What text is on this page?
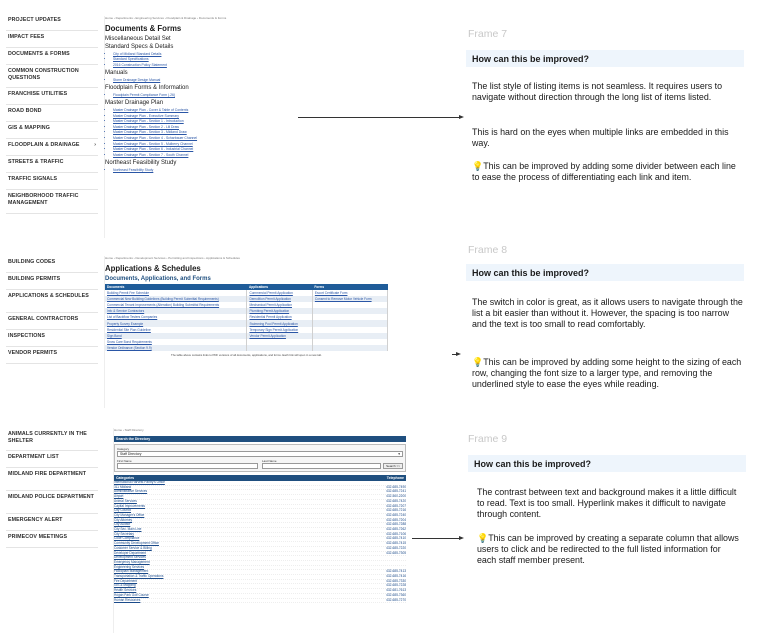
PROJECT UPDATES
IMPACT FEES
DOCUMENTS & FORMS
COMMON CONSTRUCTION QUESTIONS
FRANCHISE UTILITIES
ROAD BOND
GIS & MAPPING
FLOODPLAIN & DRAINAGE	›
STREETS & TRAFFIC
TRAFFIC SIGNALS
NEIGHBORHOOD TRAFFIC MANAGEMENT
Home › Departments › Engineering Services › Floodplain & Drainage › Documents & Forms
Documents & Forms
Miscellaneous Detail Set
Standard Specs & Details
• City of Midland Standard Details
• Standard Specifications
• 2016 Construction Policy Statement
Manuals
• Storm Drainage Design Manual
Floodplain Forms & Information
• Floodplain Permit Compliance Form (.26)
Master Drainage Plan
• Master Drainage Plan - Cover & Table of Contents
• Master Drainage Plan - Executive Summary
• Master Drainage Plan - Section 1 - Introduction
• Master Drainage Plan - Section 2 - Lili Draw
• Master Drainage Plan - Section 3 - Midland Draw
• Master Drainage Plan - Section 4 - Scharbauer Channel
• Master Drainage Plan - Section 5 - Mulberry Channel
• Master Drainage Plan - Section 6 - Industrial Channel
• Master Drainage Plan - Section 7 - South Channel
Northeast Feasibility Study
• Northeast Feasibility Study
Frame 7
How can this be improved?
The list style of listing items is not seamless. It requires users to navigate without direction through the long list of items listed.
This is hard on the eyes when multiple links are embedded in this way.
💡This can be improved by adding some divider between each line to ease the process of differentiating each link and item.
BUILDING CODES
BUILDING PERMITS
APPLICATIONS & SCHEDULES
GENERAL CONTRACTORS
INSPECTIONS
VENDOR PERMITS
Home › Departments › Development Services › Permitting and Inspections › Applications & Schedules
Applications & Schedules
Documents, Applications, and Forms
Documents	Applications	Forms
Building Permit Fee Schedule	Commercial Permit Application	Escort Certificate Form
Commercial New Building Guidelines (Building Permit Submittal Requirements)	Demolition Permit Application	Consent to Remove Motor Vehicle Form
Commercial Tenant Improvements (Alteration) Building Submittal Requirements	Mechanical Permit Application	
Info & Service Contractors	Plumbing Permit Application	
List of Backflow Testers Companies	Residential Permit Application	
Property Survey Example	Swimming Pool Permit Application	
Residential Site Plan Guideline	Temporary Sign Permit Application	
Sign Bond	Vendor Permit Application	
Snow Care Bond Requirements		
Vendor Ordinance (Section 9.9)		
The table above contains links to PDF versions of all documents, applications, and forms. Each link will open in a new tab.
Frame 8
How can this be improved?
The switch in color is great, as it allows users to navigate through the list a bit easier than without it. However, the spacing is too narrow and the text is too small to read comfortably.
💡This can be improved by adding some height to the sizing of each row, changing the font size to a larger type, and removing the underlined style to ease the eyes while reading.
ANIMALS CURRENTLY IN THE SHELTER
DEPARTMENT LIST
MIDLAND FIRE DEPARTMENT
MIDLAND POLICE DEPARTMENT
EMERGENCY ALERT
PRIMECOV MEETINGS
Home › Staff Directory
Search the Directory
Category
Staff Directory	▾
First Name	Last Name
Search >>
Categories	Telephone
International Harvest Pantry's Office
311 Midland	432-685-7490
Administrative Services	432-685-7241
Airport	432-560-2200
Animal Services	432-685-7420
Capital Improvements	432-685-7207
City Council	432-685-7216
City Manager's Office	432-685-7240
City Attorney	432-685-7204
City Auditor	432-685-7288
City Sec. Main Line	432-685-7262
City Secretary	432-685-7106
Code Compliance	432-685-7410
Community Development Office	432-685-7415
Customer Service & Billing	432-685-7220
Developer Department	432-685-7305
Development Services
Emergency Management
Engineering Services
Floodplain Management	432-685-7413
Transportation & Traffic Operations	432-685-7416
Fire Department	432-685-7330
GIS & Mapping	432-685-7228
Health Services	432-681-7613
Hogan Park Golf Course	432-685-7360
Human Resources	432-685-7270
Frame 9
How can this be improved?
The contrast between text and background makes it a little difficult to read. Text is too small. Hyperlink makes it difficult to navigate through content.
💡This can be improved by creating a separate column that allows users to click and be redirected to the full listed information for each staff member present.
